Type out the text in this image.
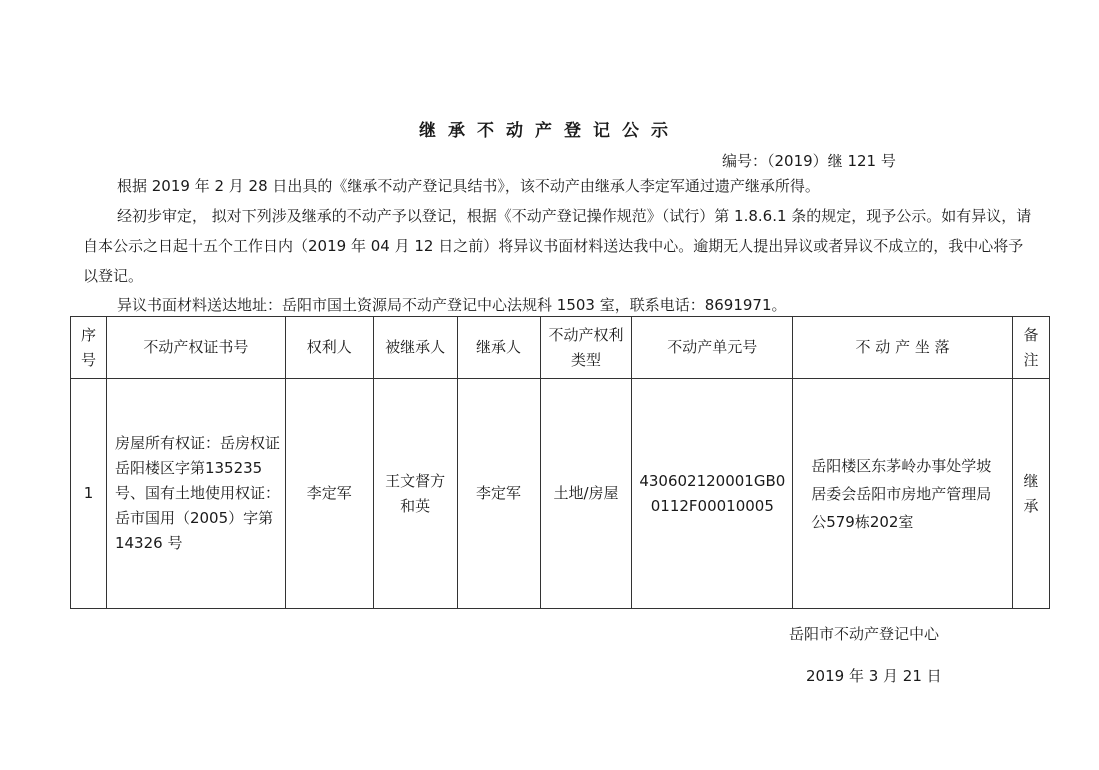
继承不动产登记公示
编号：（2019）继 121 号
根据 2019 年 2 月 28 日出具的《继承不动产登记具结书》，该不动产由继承人李定军通过遗产继承所得。
经初步审定， 拟对下列涉及继承的不动产予以登记，根据《不动产登记操作规范》（试行）第 1.8.6.1 条的规定，现予公示。如有异议，请自本公示之日起十五个工作日内（2019 年 04 月 12 日之前）将异议书面材料送达我中心。逾期无人提出异议或者异议不成立的，我中心将予以登记。
异议书面材料送达地址：岳阳市国土资源局不动产登记中心法规科 1503 室，联系电话：8691971。
序号	不动产权证书号	权利人	被继承人	继承人	不动产权利类型	不动产单元号	不 动 产 坐 落	备注
1	房屋所有权证：岳房权证岳阳楼区字第135235 号、国有土地使用权证：岳市国用（2005）字第 14326 号	李定军	王文督方和英	李定军	土地/房屋	430602120001GB00112F00010005	岳阳楼区东茅岭办事处学坡居委会岳阳市房地产管理局公579栋202室	继承
岳阳市不动产登记中心
2019 年 3 月 21 日
